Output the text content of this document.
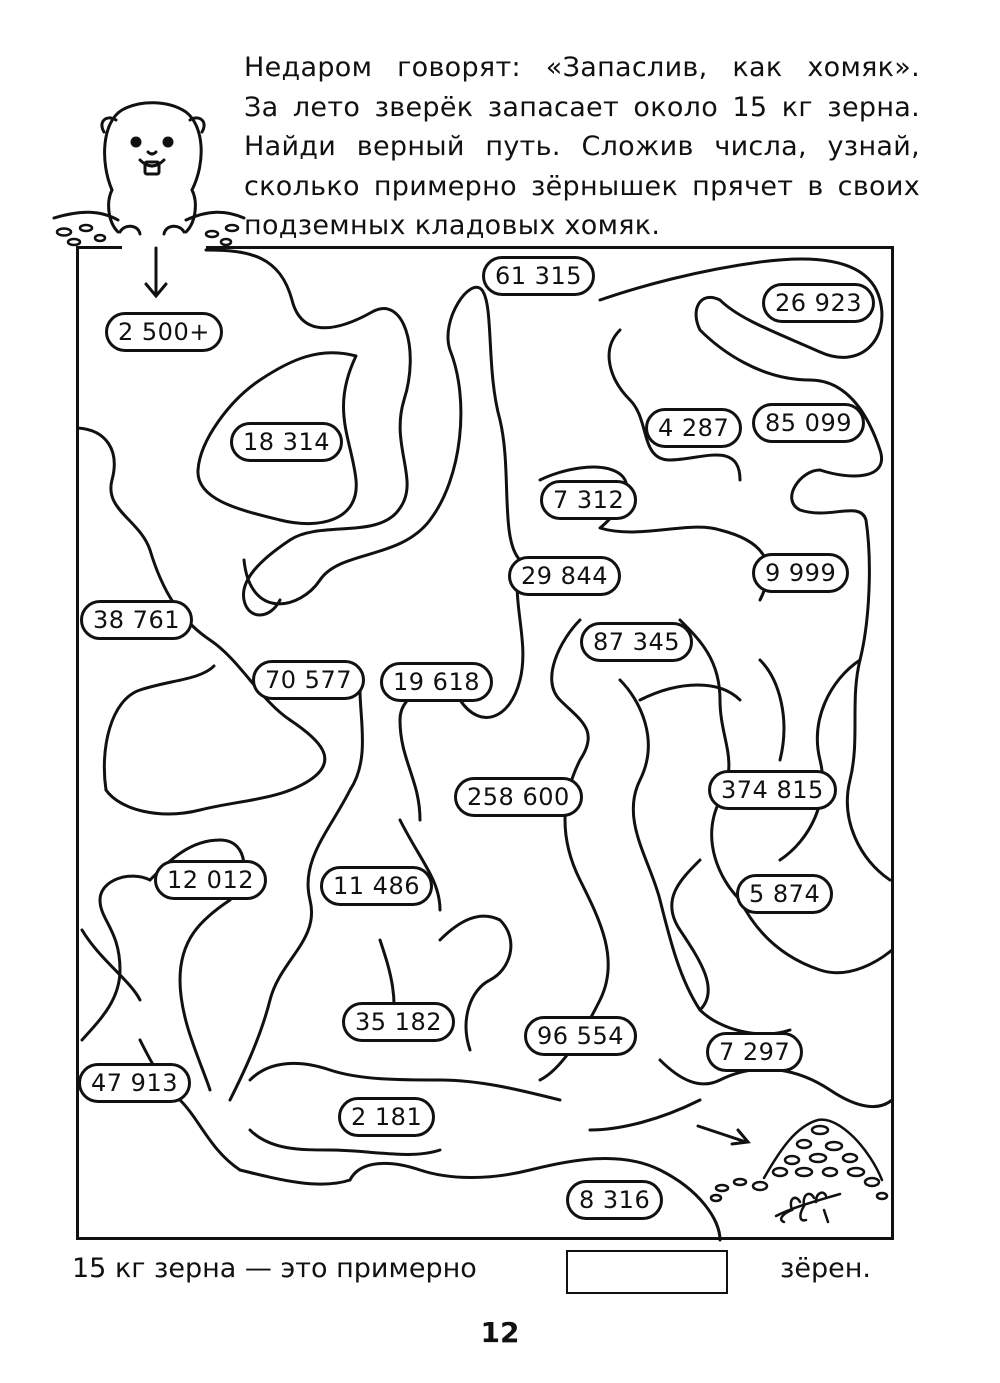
Недаром говорят: «Запаслив, как хомяк».
За лето зверёк запасает около 15 кг зерна.
Найди верный путь. Сложив числа, узнай,
сколько примерно зёрнышек прячет в своих
подземных кладовых хомяк.
2 500+
61 315
26 923
18 314	4 287	85 099
7 312
29 844	9 999
38 761
87 345
70 577	19 618
258 600	374 815
12 012	11 486	5 874
35 182	96 554
7 297
47 913
2 181
8 316
15 кг зерна — это примерно	зёрен.
12
